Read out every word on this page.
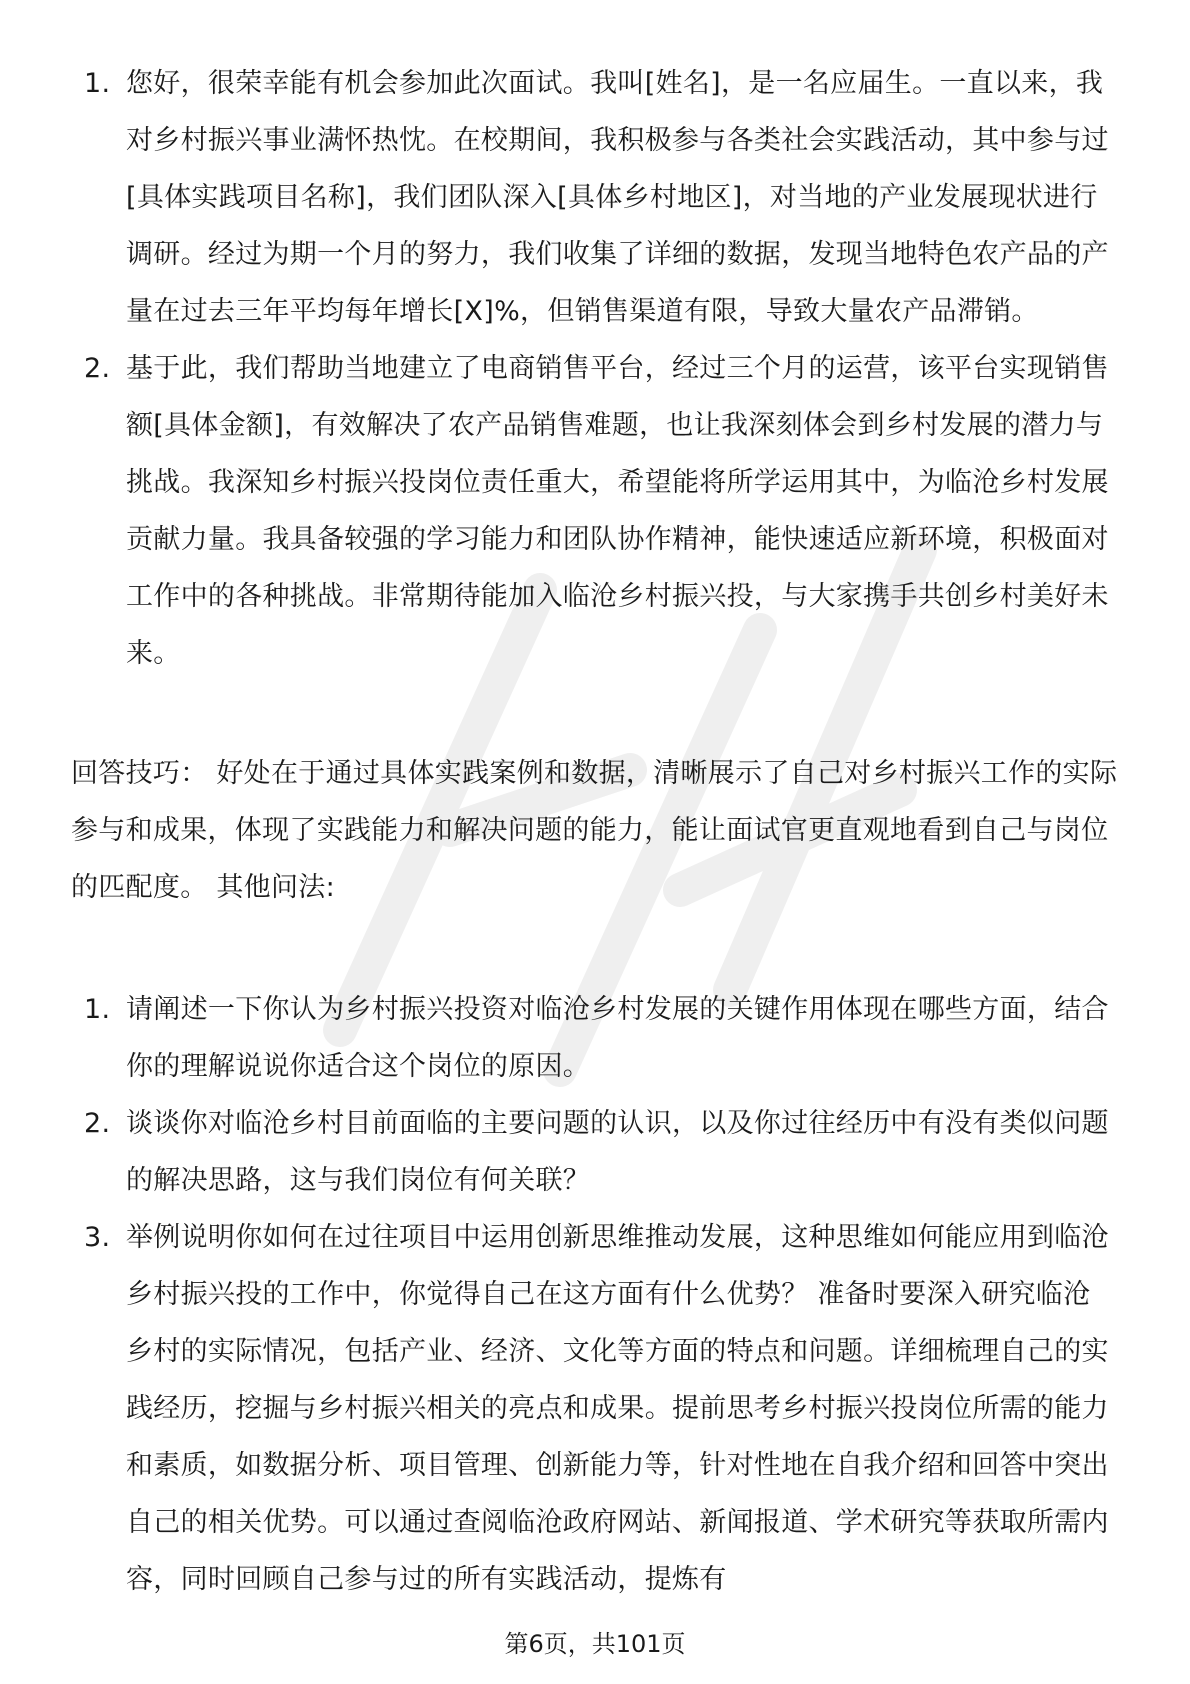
1. 您好，很荣幸能有机会参加此次面试。我叫[姓名]，是一名应届生。一直以来，我对乡村振兴事业满怀热忱。在校期间，我积极参与各类社会实践活动，其中参与过[具体实践项目名称]，我们团队深入[具体乡村地区]，对当地的产业发展现状进行调研。经过为期一个月的努力，我们收集了详细的数据，发现当地特色农产品的产量在过去三年平均每年增长[X]%，但销售渠道有限，导致大量农产品滞销。
2. 基于此，我们帮助当地建立了电商销售平台，经过三个月的运营，该平台实现销售额[具体金额]，有效解决了农产品销售难题，也让我深刻体会到乡村发展的潜力与挑战。我深知乡村振兴投岗位责任重大，希望能将所学运用其中，为临沧乡村发展贡献力量。我具备较强的学习能力和团队协作精神，能快速适应新环境，积极面对工作中的各种挑战。非常期待能加入临沧乡村振兴投，与大家携手共创乡村美好未来。

回答技巧： 好处在于通过具体实践案例和数据，清晰展示了自己对乡村振兴工作的实际参与和成果，体现了实践能力和解决问题的能力，能让面试官更直观地看到自己与岗位的匹配度。 其他问法:

1. 请阐述一下你认为乡村振兴投资对临沧乡村发展的关键作用体现在哪些方面，结合你的理解说说你适合这个岗位的原因。
2. 谈谈你对临沧乡村目前面临的主要问题的认识，以及你过往经历中有没有类似问题的解决思路，这与我们岗位有何关联？
3. 举例说明你如何在过往项目中运用创新思维推动发展，这种思维如何能应用到临沧乡村振兴投的工作中，你觉得自己在这方面有什么优势？ 准备时要深入研究临沧乡村的实际情况，包括产业、经济、文化等方面的特点和问题。详细梳理自己的实践经历，挖掘与乡村振兴相关的亮点和成果。提前思考乡村振兴投岗位所需的能力和素质，如数据分析、项目管理、创新能力等，针对性地在自我介绍和回答中突出自己的相关优势。可以通过查阅临沧政府网站、新闻报道、学术研究等获取所需内容，同时回顾自己参与过的所有实践活动，提炼有
第6页，共101页
